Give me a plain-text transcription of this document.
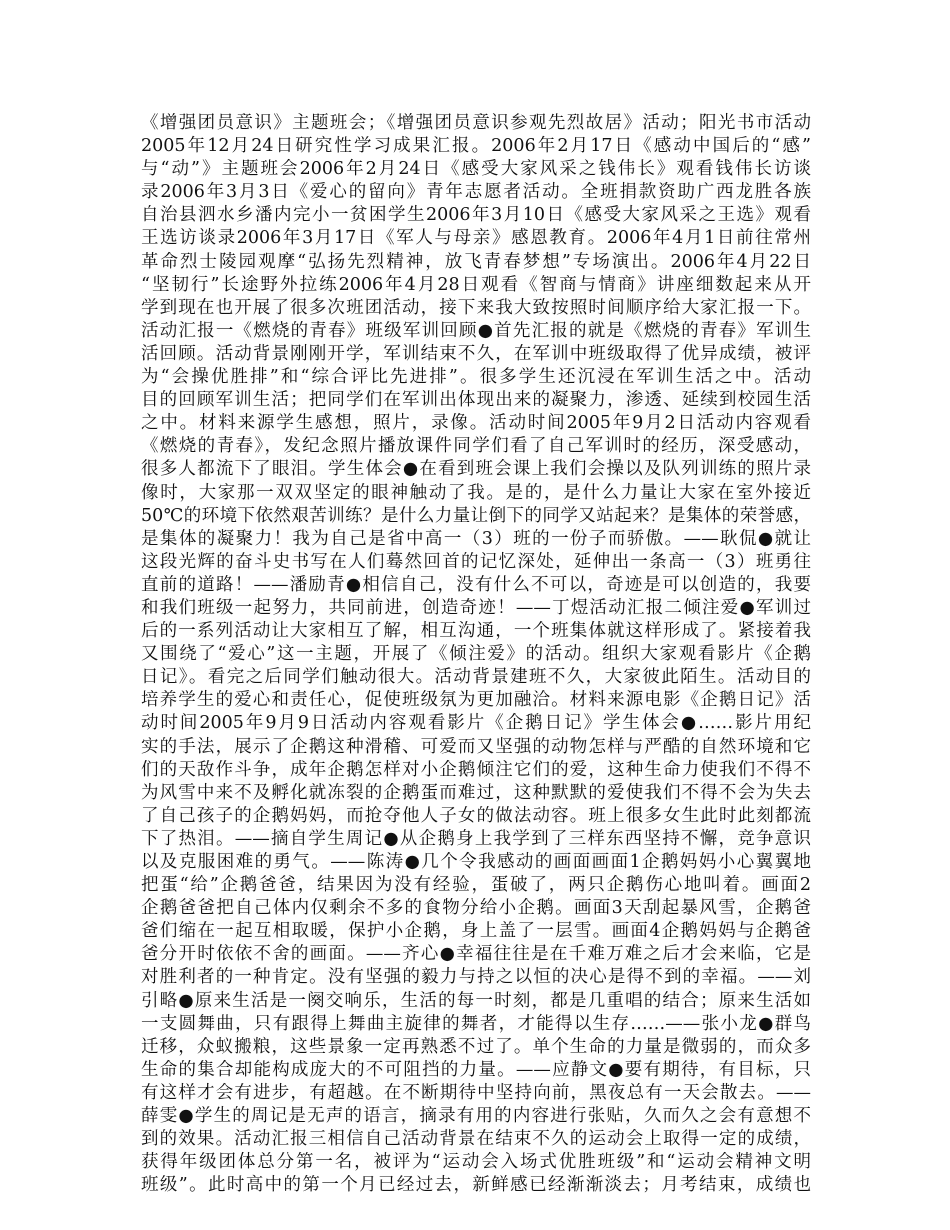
《增强团员意识》主题班会；《增强团员意识参观先烈故居》活动；阳光书市活动
2005年12月24日研究性学习成果汇报。2006年2月17日《感动中国后的“感”
与“动”》主题班会2006年2月24日《感受大家风采之钱伟长》观看钱伟长访谈
录2006年3月3日《爱心的留向》青年志愿者活动。全班捐款资助广西龙胜各族
自治县泗水乡潘内完小一贫困学生2006年3月10日《感受大家风采之王选》观看
王选访谈录2006年3月17日《军人与母亲》感恩教育。2006年4月1日前往常州
革命烈士陵园观摩“弘扬先烈精神，放飞青春梦想”专场演出。2006年4月22日
“坚韧行”长途野外拉练2006年4月28日观看《智商与情商》讲座细数起来从开
学到现在也开展了很多次班团活动，接下来我大致按照时间顺序给大家汇报一下。
活动汇报一《燃烧的青春》班级军训回顾●首先汇报的就是《燃烧的青春》军训生
活回顾。活动背景刚刚开学，军训结束不久，在军训中班级取得了优异成绩，被评
为“会操优胜排”和“综合评比先进排”。很多学生还沉浸在军训生活之中。活动
目的回顾军训生活；把同学们在军训出体现出来的凝聚力，渗透、延续到校园生活
之中。材料来源学生感想，照片，录像。活动时间2005年9月2日活动内容观看
《燃烧的青春》，发纪念照片播放课件同学们看了自己军训时的经历，深受感动，
很多人都流下了眼泪。学生体会●在看到班会课上我们会操以及队列训练的照片录
像时，大家那一双双坚定的眼神触动了我。是的，是什么力量让大家在室外接近
50℃的环境下依然艰苦训练？是什么力量让倒下的同学又站起来？是集体的荣誉感，
是集体的凝聚力！我为自己是省中高一（3）班的一份子而骄傲。——耿侃●就让
这段光辉的奋斗史书写在人们蓦然回首的记忆深处，延伸出一条高一（3）班勇往
直前的道路！——潘励青●相信自己，没有什么不可以，奇迹是可以创造的，我要
和我们班级一起努力，共同前进，创造奇迹！——丁煜活动汇报二倾注爱●军训过
后的一系列活动让大家相互了解，相互沟通，一个班集体就这样形成了。紧接着我
又围绕了“爱心”这一主题，开展了《倾注爱》的活动。组织大家观看影片《企鹅
日记》。看完之后同学们触动很大。活动背景建班不久，大家彼此陌生。活动目的
培养学生的爱心和责任心，促使班级氛为更加融洽。材料来源电影《企鹅日记》活
动时间2005年9月9日活动内容观看影片《企鹅日记》学生体会●……影片用纪
实的手法，展示了企鹅这种滑稽、可爱而又坚强的动物怎样与严酷的自然环境和它
们的天敌作斗争，成年企鹅怎样对小企鹅倾注它们的爱，这种生命力使我们不得不
为风雪中来不及孵化就冻裂的企鹅蛋而难过，这种默默的爱使我们不得不会为失去
了自己孩子的企鹅妈妈，而抢夺他人子女的做法动容。班上很多女生此时此刻都流
下了热泪。——摘自学生周记●从企鹅身上我学到了三样东西坚持不懈，竞争意识
以及克服困难的勇气。——陈涛●几个令我感动的画面画面1企鹅妈妈小心翼翼地
把蛋“给”企鹅爸爸，结果因为没有经验，蛋破了，两只企鹅伤心地叫着。画面2
企鹅爸爸把自己体内仅剩余不多的食物分给小企鹅。画面3天刮起暴风雪，企鹅爸
爸们缩在一起互相取暖，保护小企鹅，身上盖了一层雪。画面4企鹅妈妈与企鹅爸
爸分开时依依不舍的画面。——齐心●幸福往往是在千难万难之后才会来临，它是
对胜利者的一种肯定。没有坚强的毅力与持之以恒的决心是得不到的幸福。——刘
引略●原来生活是一阕交响乐，生活的每一时刻，都是几重唱的结合；原来生活如
一支圆舞曲，只有跟得上舞曲主旋律的舞者，才能得以生存……——张小龙●群鸟
迁移，众蚁搬粮，这些景象一定再熟悉不过了。单个生命的力量是微弱的，而众多
生命的集合却能构成庞大的不可阻挡的力量。——应静文●要有期待，有目标，只
有这样才会有进步，有超越。在不断期待中坚持向前，黑夜总有一天会散去。——
薛雯●学生的周记是无声的语言，摘录有用的内容进行张贴，久而久之会有意想不
到的效果。活动汇报三相信自己活动背景在结束不久的运动会上取得一定的成绩，
获得年级团体总分第一名，被评为“运动会入场式优胜班级”和“运动会精神文明
班级”。此时高中的第一个月已经过去，新鲜感已经渐渐淡去；月考结束，成绩也
